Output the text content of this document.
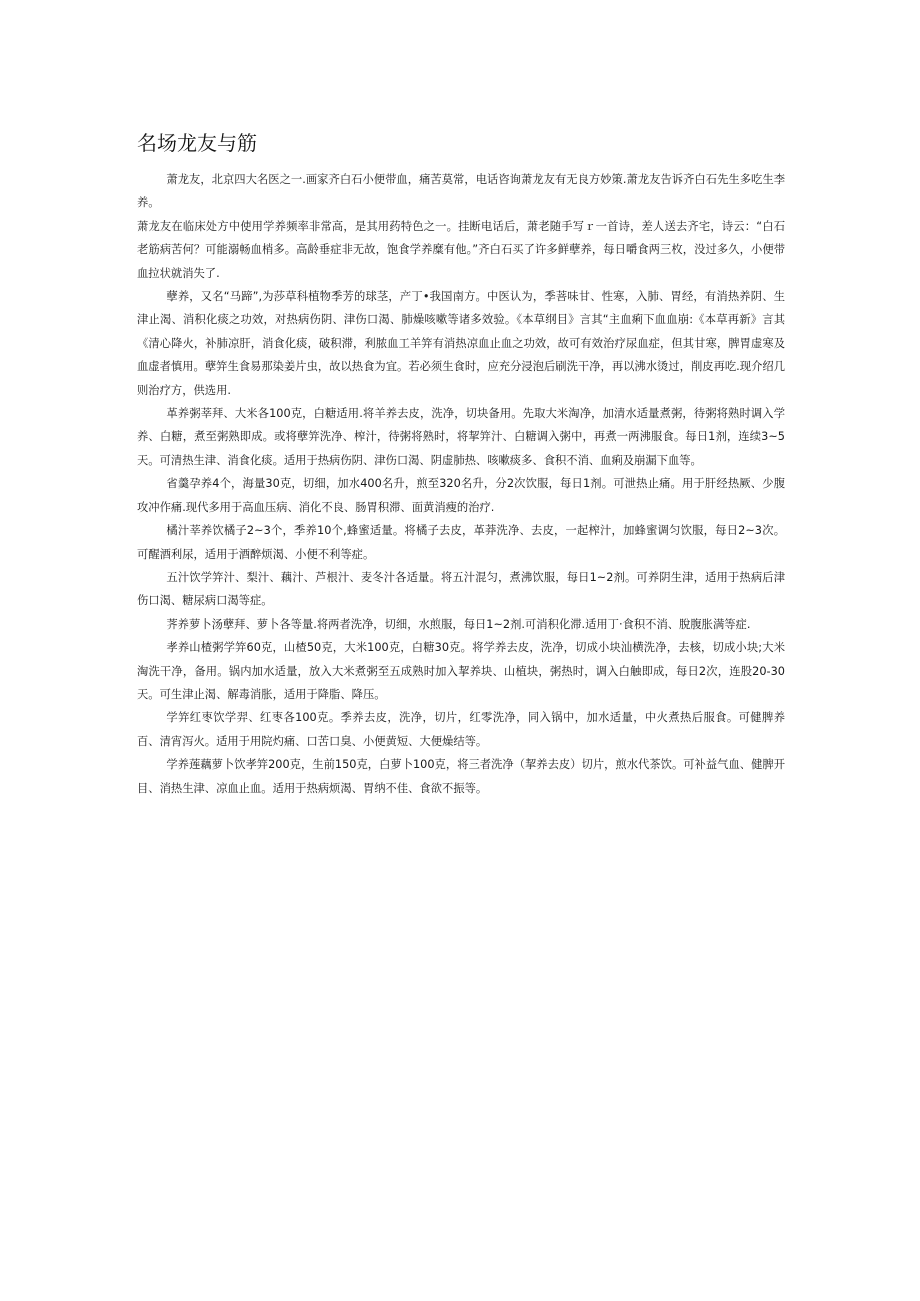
名场龙友与筋

萧龙友，北京四大名医之一.画家齐白石小便带血，痛苦莫常，电话咨询萧龙友有无良方妙策.萧龙友告诉齐白石先生多吃生李养。

萧龙友在临床处方中使用学养频率非常高，是其用药特色之一。挂断电话后，萧老随手写ｒ一首诗，差人送去齐宅，诗云：“白石老筋病苦何？可能溺畅血梢多。高龄垂症非无故，饱食学养糜有他。”齐白石买了许多鲜孽养，每日嚼食两三枚，没过多久，小便带血拉状就消失了.

孽养，又名“马蹄”,为莎草科植物季芳的球茎，产丁•我国南方。中医认为，季菩味甘、性寒，入肺、胃经，有消热养阴、生津止渴、消积化痰之功效，对热病伤阴、津伤口渴、肺燥咳嗽等诸多效验。《本草纲目》言其“主血痢下血血崩:《本草再新》言其《清心降火，补肺凉肝，消食化痰，破积滞，利脓血工羊笄有消热凉血止血之功效，故可有效治疗尿血症，但其甘寒，脾胃虚寒及血虚者慎用。孽笄生食易那染姜片虫，故以热食为宜。若必须生食时，应充分浸泡后刷洗干净，再以沸水烫过，削皮再吃.现介绍几则治疗方，供选用.

革养粥莘拜、大米各100克，白糖适用.将羊养去皮，洗净，切块备用。先取大米淘净，加清水适量煮粥，待粥将熟时调入学养、白糖，煮至粥熟即成。或将孽笄洗净、榨汁，待粥将熟时，将挈笄汁、白糖调入粥中，再煮一两沸服食。每日1剂，连续3~5天。可清热生津、消食化痰。适用于热病伤阴、津伤口渴、阴虚肺热、咳嗽痰多、食积不消、血痢及崩漏下血等。

省羹孕养4个，海量30克，切细，加水400名升，煎至320名升，分2次饮服，每日1剂。可泄热止痛。用于肝经热厥、少腹攻冲作痛.现代多用于高血压病、消化不良、肠胃积滞、面黄消瘦的治疗.

橘汁莘养饮橘子2~3个，季养10个,蜂蜜适量。将橘子去皮，革莽洗净、去皮，一起榨汁，加蜂蜜调匀饮服，每日2~3次。可醒酒利尿，适用于酒醉烦渴、小便不利等症。

五汁饮学笄汁、梨汁、藕汁、芦根汁、麦冬汁各适量。将五汁混匀，煮沸饮服，每日1~2剂。可养阴生津，适用于热病后津伤口渴、糖尿病口渴等症。

荠养萝卜汤孽拜、萝卜各等量.将两者洗净，切细，水煎服，每日1~2剂.可消积化滞.适用丁·食积不消、脫腹胀满等症.

孝养山楂粥学笄60克，山楂50克，大米100克，白糖30克。将学养去皮，洗净，切成小块汕横洗净，去核，切成小块;大米淘洗干净，备用。锅内加水适量，放入大米煮粥至五成熟时加入挈养块、山植块，粥热时，调入白触即成，每日2次，连股20-30天。可生津止渴、解毒消胀，适用于降脂、降压。

学笄红枣饮学羿、红枣各100克。季养去皮，洗净，切片，红零洗净，同入锅中，加水适量，中火煮热后服食。可健脾养百、清宵泻火。适用于用院灼痛、口苦口臭、小便黄短、大便燥结等。

学养莲藕萝卜饮孝笄200克，生前150克，白萝卜100克，将三者洗净（挈养去皮）切片，煎水代茶饮。可补益气血、健脾开目、消热生津、凉血止血。适用于热病烦渴、胃纳不佳、食欲不振等。
